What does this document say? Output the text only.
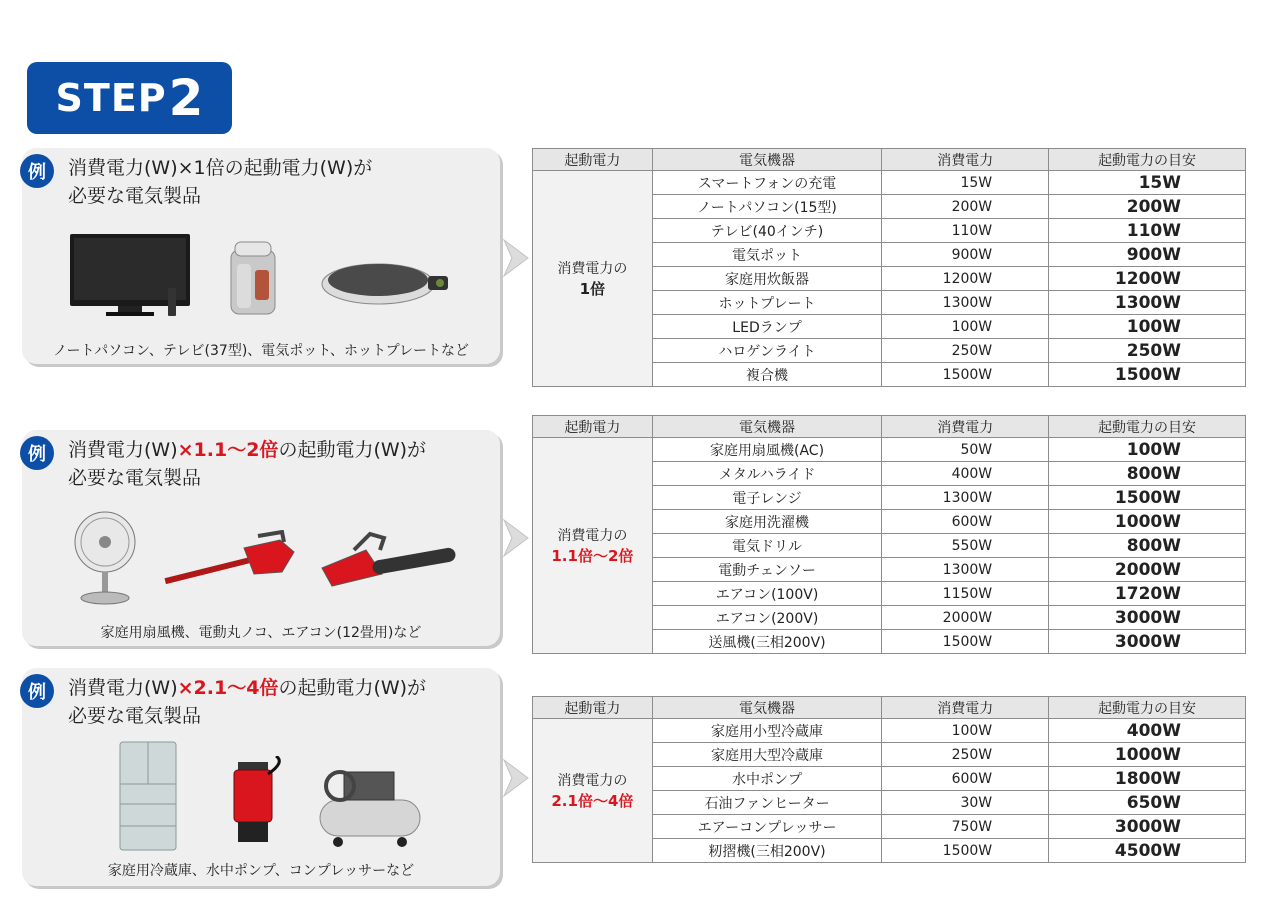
STEP 2
例	消費電力(W)×1倍の起動電力(W)が
必要な電気製品
ノートパソコン、テレビ(37型)、電気ポット、ホットプレートなど
例	消費電力(W)×1.1～2倍の起動電力(W)が
必要な電気製品
家庭用扇風機、電動丸ノコ、エアコン(12畳用)など
例	消費電力(W)×2.1～4倍の起動電力(W)が
必要な電気製品
家庭用冷蔵庫、水中ポンプ、コンプレッサーなど
起動電力	電気機器	消費電力	起動電力の目安

消費電力の
1倍	スマートフォンの充電	15W	15W
	ノートパソコン(15型)	200W	200W
	テレビ(40インチ)	110W	110W
	電気ポット	900W	900W
	家庭用炊飯器	1200W	1200W
	ホットプレート	1300W	1300W
	LEDランプ	100W	100W
	ハロゲンライト	250W	250W
	複合機	1500W	1500W
起動電力	電気機器	消費電力	起動電力の目安

消費電力の
1.1倍～2倍	家庭用扇風機(AC)	50W	100W
	メタルハライド	400W	800W
	電子レンジ	1300W	1500W
	家庭用洗濯機	600W	1000W
	電気ドリル	550W	800W
	電動チェンソー	1300W	2000W
	エアコン(100V)	1150W	1720W
	エアコン(200V)	2000W	3000W
	送風機(三相200V)	1500W	3000W
起動電力	電気機器	消費電力	起動電力の目安

消費電力の
2.1倍～4倍	家庭用小型冷蔵庫	100W	400W
	家庭用大型冷蔵庫	250W	1000W
	水中ポンプ	600W	1800W
	石油ファンヒーター	30W	650W
	エアーコンプレッサー	750W	3000W
	籾摺機(三相200V)	1500W	4500W
